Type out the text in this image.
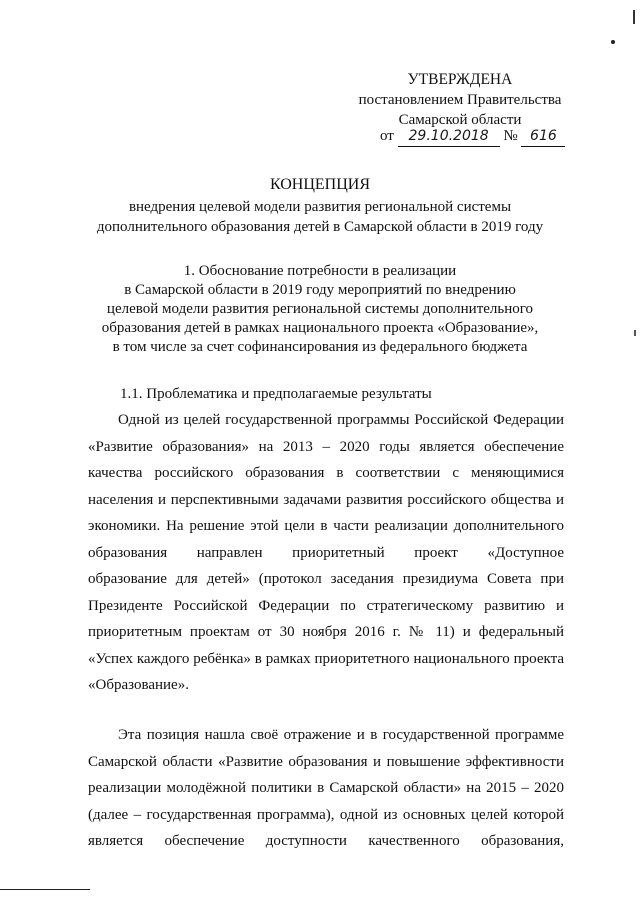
УТВЕРЖДЕНА
постановлением Правительства
Самарской области
от 29.10.2018 № 616
КОНЦЕПЦИЯ
внедрения целевой модели развития региональной системы
дополнительного образования детей в Самарской области в 2019 году
1. Обоснование потребности в реализации
в Самарской области в 2019 году мероприятий по внедрению
целевой модели развития региональной системы дополнительного
образования детей в рамках национального проекта «Образование»,
в том числе за счет софинансирования из федерального бюджета
1.1. Проблематика и предполагаемые результаты
Одной из целей государственной программы Российской Федерации
«Развитие образования» на 2013 – 2020 годы является обеспечение
качества российского образования в соответствии с меняющимися
населения и перспективными задачами развития российского общества и
экономики. На решение этой цели в части реализации дополнительного
образования направлен приоритетный проект «Доступное
образование для детей» (протокол заседания президиума Совета при
Президенте Российской Федерации по стратегическому развитию и
приоритетным проектам от 30 ноября 2016 г. № 11) и федеральный
«Успех каждого ребёнка» в рамках приоритетного национального проекта
«Образование».
Эта позиция нашла своё отражение и в государственной программе
Самарской области «Развитие образования и повышение эффективности
реализации молодёжной политики в Самарской области» на 2015 – 2020
(далее – государственная программа), одной из основных целей которой
является обеспечение доступности качественного образования,
